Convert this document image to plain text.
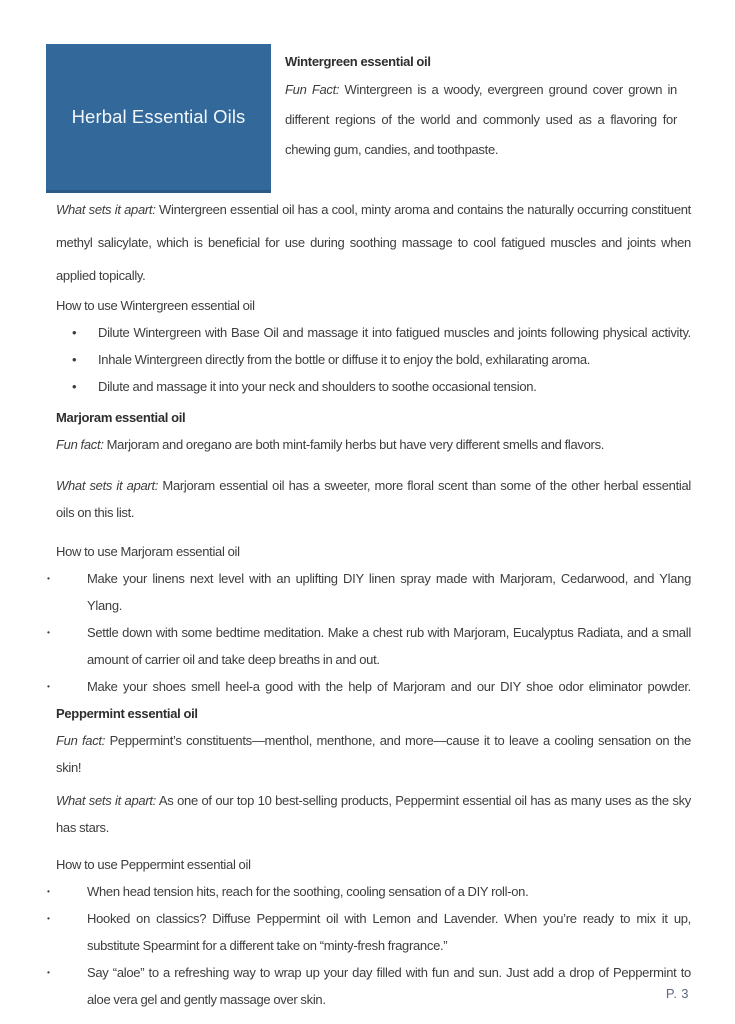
Herbal Essential Oils
Wintergreen essential oil

Fun Fact: Wintergreen is a woody, evergreen ground cover grown in
different regions of the world and commonly used as a flavoring for
chewing gum, candies, and toothpaste.

What sets it apart: Wintergreen essential oil has a cool, minty aroma and contains the naturally occurring constituent
methyl salicylate, which is beneficial for use during soothing massage to cool fatigued muscles and joints when
applied topically.

How to use Wintergreen essential oil

• Dilute Wintergreen with Base Oil and massage it into fatigued muscles and joints following physical activity.
• Inhale Wintergreen directly from the bottle or diffuse it to enjoy the bold, exhilarating aroma.
• Dilute and massage it into your neck and shoulders to soothe occasional tension.
Marjoram essential oil

Fun fact: Marjoram and oregano are both mint-family herbs but have very different smells and flavors.

What sets it apart: Marjoram essential oil has a sweeter, more floral scent than some of the other herbal essential
oils on this list.

How to use Marjoram essential oil

• Make your linens next level with an uplifting DIY linen spray made with Marjoram, Cedarwood, and Ylang
Ylang.
• Settle down with some bedtime meditation. Make a chest rub with Marjoram, Eucalyptus Radiata, and a small
amount of carrier oil and take deep breaths in and out.
• Make your shoes smell heel-a good with the help of Marjoram and our DIY shoe odor eliminator powder.
Peppermint essential oil

Fun fact: Peppermint’s constituents—menthol, menthone, and more—cause it to leave a cooling sensation on the
skin!

What sets it apart: As one of our top 10 best-selling products, Peppermint essential oil has as many uses as the sky
has stars.

How to use Peppermint essential oil

• When head tension hits, reach for the soothing, cooling sensation of a DIY roll-on.
• Hooked on classics? Diffuse Peppermint oil with Lemon and Lavender. When you’re ready to mix it up,
substitute Spearmint for a different take on “minty-fresh fragrance.”
• Say “aloe” to a refreshing way to wrap up your day filled with fun and sun. Just add a drop of Peppermint to
aloe vera gel and gently massage over skin.	P. 3
